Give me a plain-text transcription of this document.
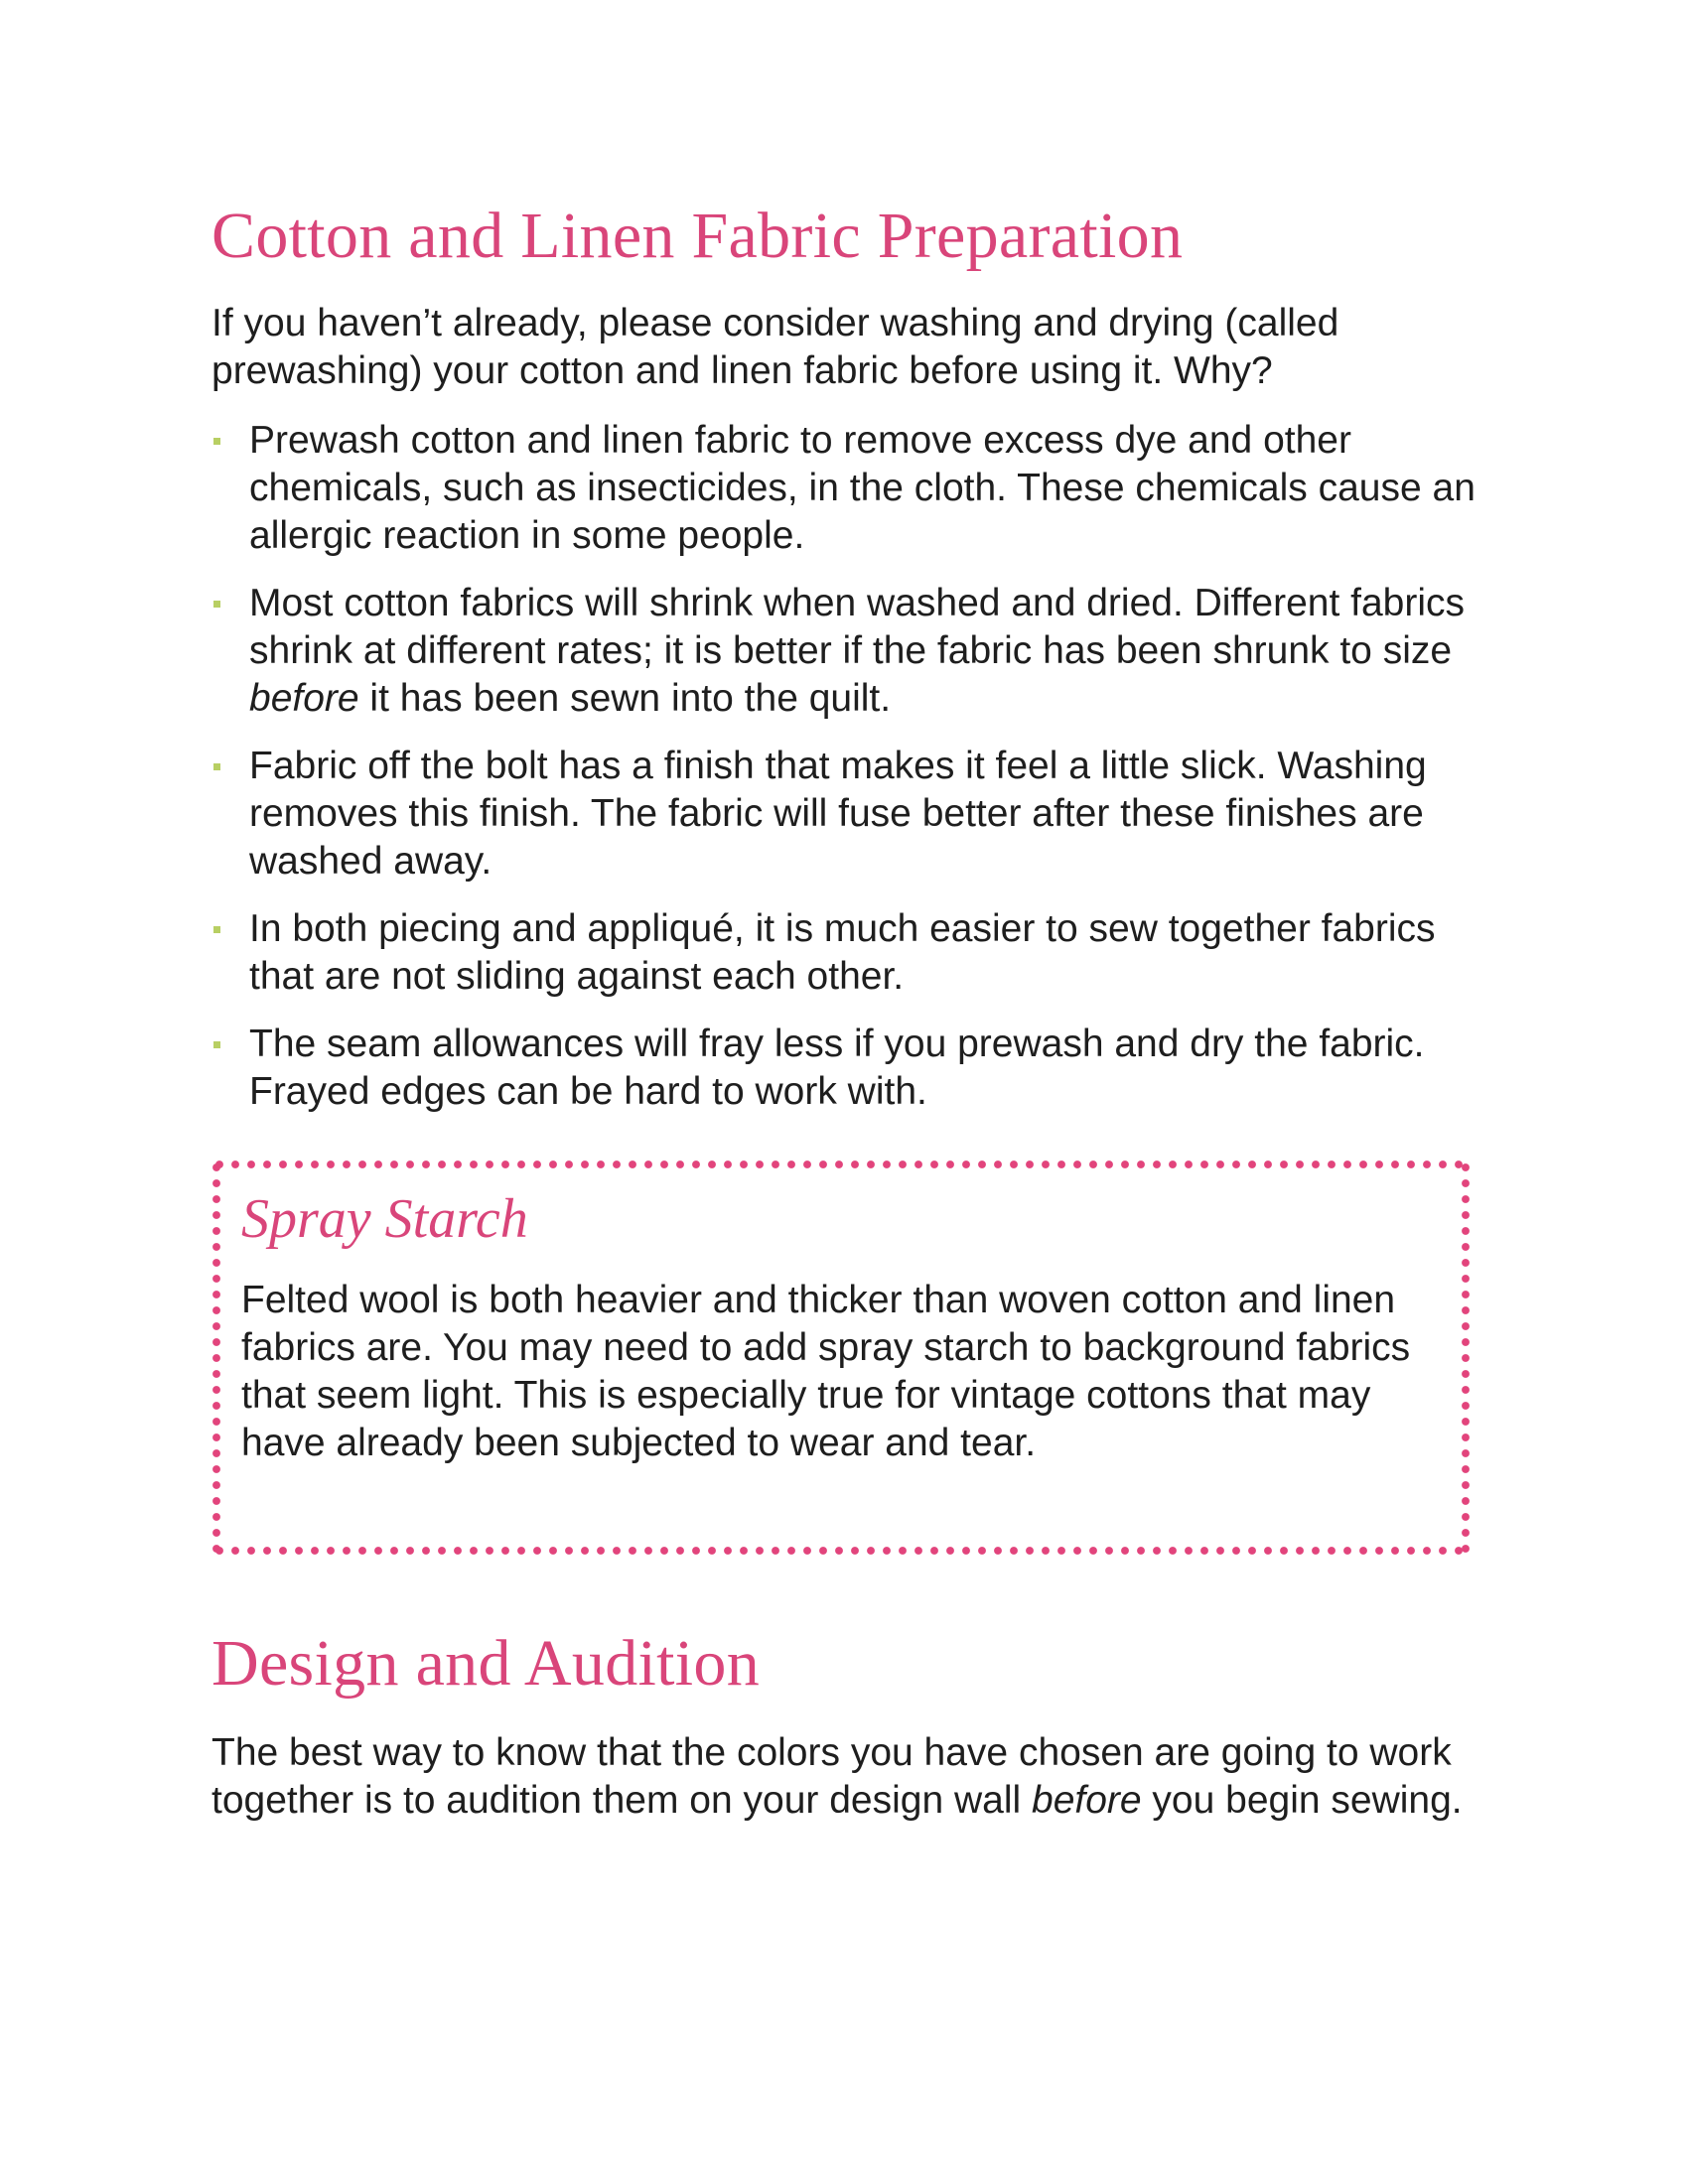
Cotton and Linen Fabric Preparation

If you haven’t already, please consider washing and drying (called prewashing) your cotton and linen fabric before using it. Why?

Prewash cotton and linen fabric to remove excess dye and other chemicals, such as insecticides, in the cloth. These chemicals cause an allergic reaction in some people.
Most cotton fabrics will shrink when washed and dried. Different fabrics shrink at different rates; it is better if the fabric has been shrunk to size before it has been sewn into the quilt.
Fabric off the bolt has a finish that makes it feel a little slick. Washing removes this finish. The fabric will fuse better after these finishes are washed away.
In both piecing and appliqué, it is much easier to sew together fabrics that are not sliding against each other.
The seam allowances will fray less if you prewash and dry the fabric. Frayed edges can be hard to work with.
Spray Starch

Felted wool is both heavier and thicker than woven cotton and linen fabrics are. You may need to add spray starch to background fabrics that seem light. This is especially true for vintage cottons that may have already been subjected to wear and tear.

Design and Audition

The best way to know that the colors you have chosen are going to work together is to audition them on your design wall before you begin sewing.
